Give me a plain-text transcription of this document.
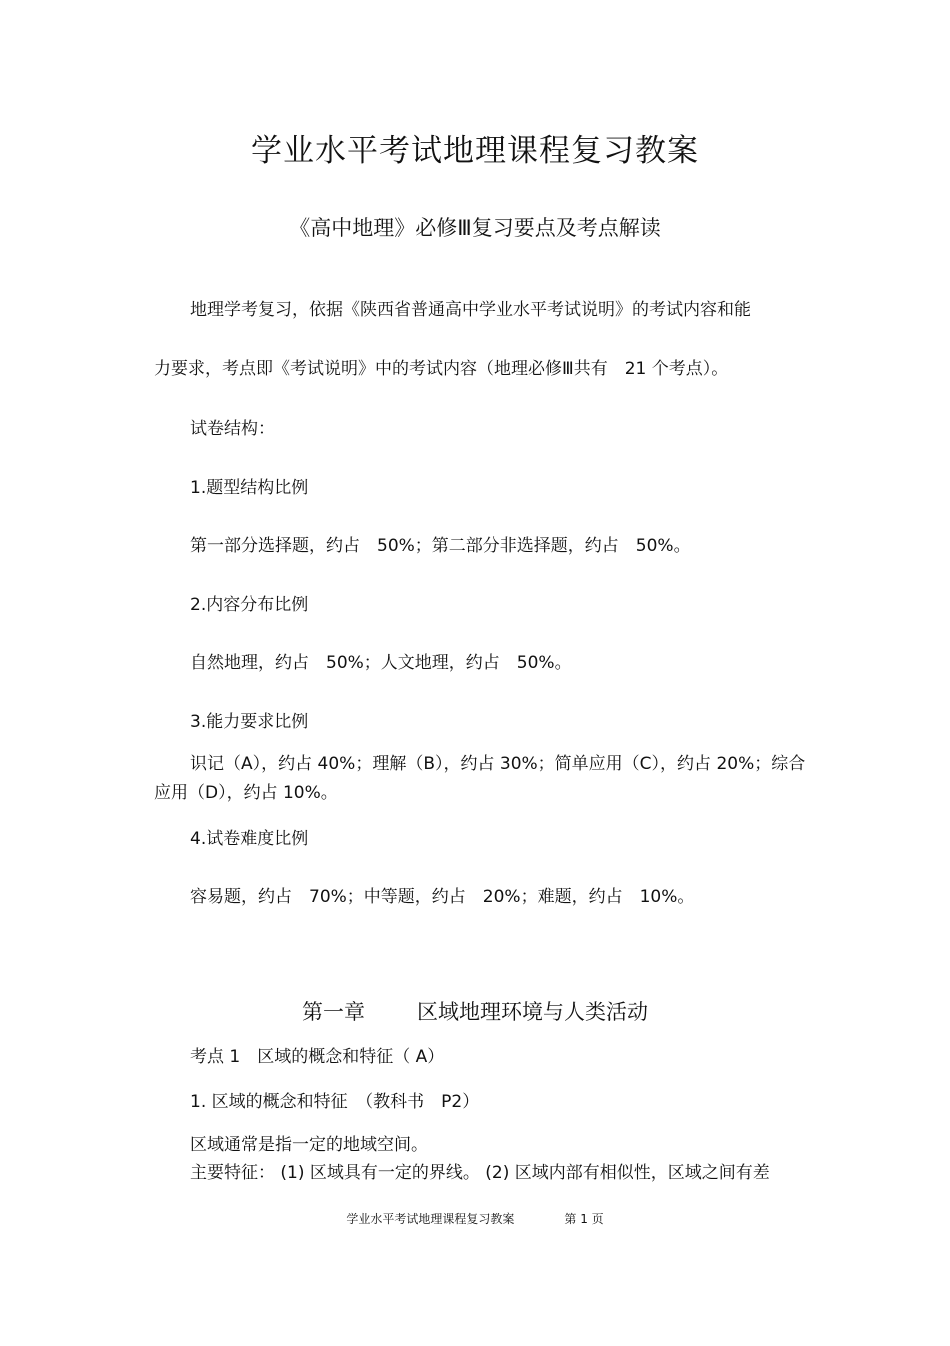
学业水平考试地理课程复习教案
《高中地理》必修Ⅲ复习要点及考点解读
地理学考复习，依据《陕西省普通高中学业水平考试说明》的考试内容和能
力要求，考点即《考试说明》中的考试内容（地理必修Ⅲ共有　21 个考点）。
试卷结构：
1.题型结构比例
第一部分选择题，约占　50%；第二部分非选择题，约占　50%。
2.内容分布比例
自然地理，约占　50%；人文地理，约占　50%。
3.能力要求比例
识记（A），约占 40%；理解（B），约占 30%；简单应用（C），约占 20%；综合
应用（D），约占 10%。
4.试卷难度比例
容易题，约占　70%；中等题，约占　20%；难题，约占　10%。
第一章 区域地理环境与人类活动
考点 1　区域的概念和特征（ A）
1. 区域的概念和特征　（教科书　P2）
区域通常是指一定的地域空间。
主要特征： (1) 区域具有一定的界线。 (2) 区域内部有相似性，区域之间有差
学业水平考试地理课程复习教案	第 1 页
